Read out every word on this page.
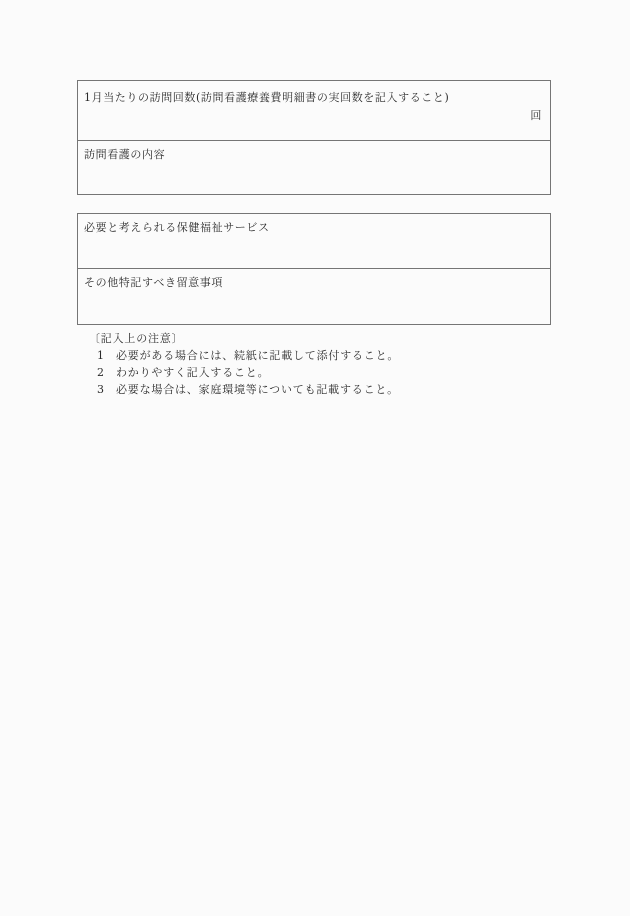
1月当たりの訪問回数(訪問看護療養費明細書の実回数を記入すること)
回
訪問看護の内容
必要と考えられる保健福祉サービス
その他特記すべき留意事項
〔記入上の注意〕
1 必要がある場合には、続紙に記載して添付すること。
2 わかりやすく記入すること。
3 必要な場合は、家庭環境等についても記載すること。
